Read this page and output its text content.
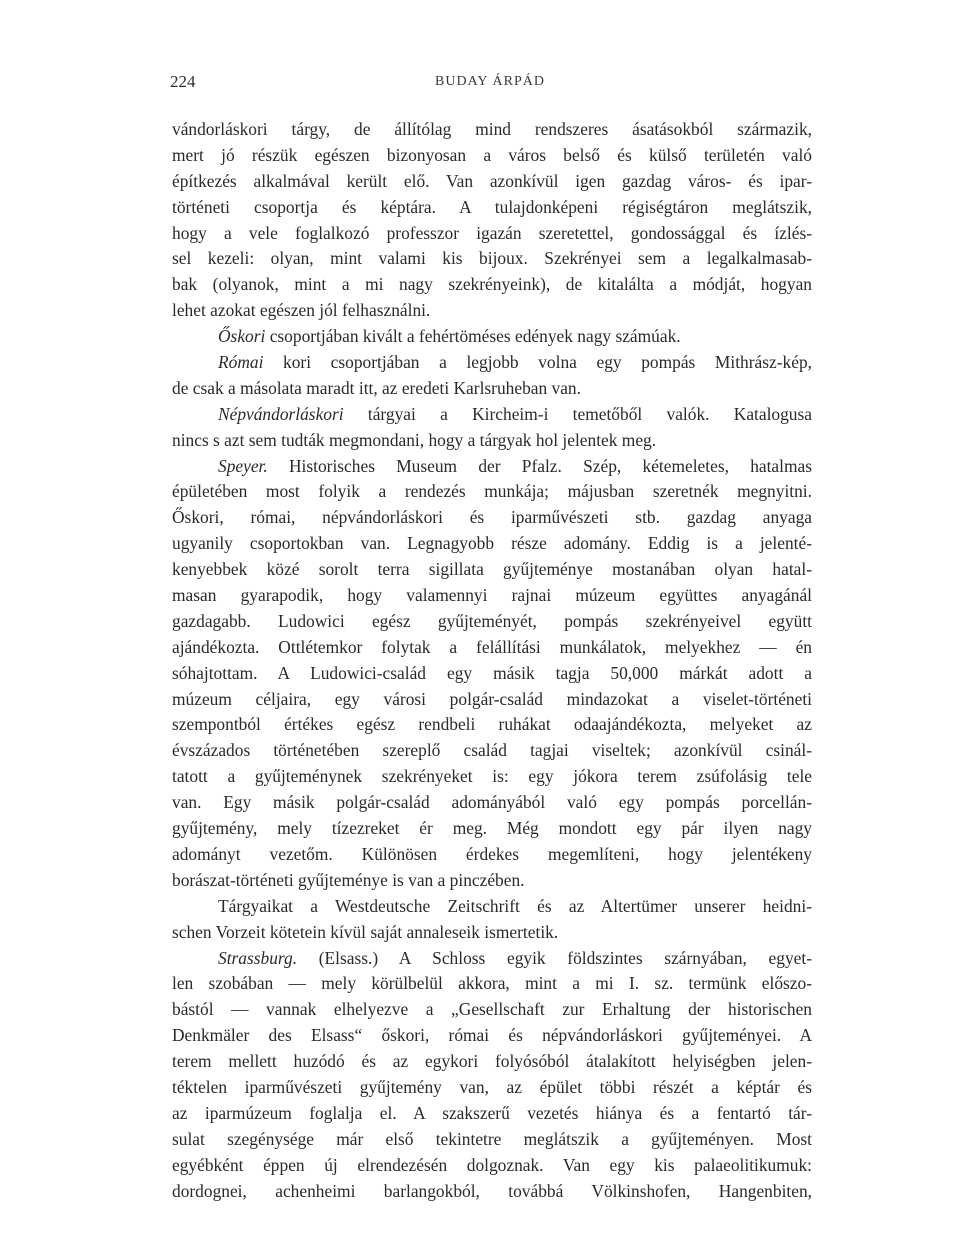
224	BUDAY ÁRPÁD
vándorláskori tárgy, de állítólag mind rendszeres ásatásokból származik,
mert jó részük egészen bizonyosan a város belső és külső területén való
építkezés alkalmával került elő. Van azonkívül igen gazdag város- és ipar-
történeti csoportja és képtára. A tulajdonképeni régiségtáron meglátszik,
hogy a vele foglalkozó professzor igazán szeretettel, gondossággal és ízlés-
sel kezeli: olyan, mint valami kis bijoux. Szekrényei sem a legalkalmasab-
bak (olyanok, mint a mi nagy szekrényeink), de kitalálta a módját, hogyan
lehet azokat egészen jól felhasználni.
Őskori csoportjában kivált a fehértöméses edények nagy számúak.
Római kori csoportjában a legjobb volna egy pompás Mithrász-kép,
de csak a másolata maradt itt, az eredeti Karlsruheban van.
Népvándorláskori tárgyai a Kircheim-i temetőből valók. Katalogusa
nincs s azt sem tudták megmondani, hogy a tárgyak hol jelentek meg.
Speyer. Historisches Museum der Pfalz. Szép, kétemeletes, hatalmas
épületében most folyik a rendezés munkája; májusban szeretnék megnyitni.
Őskori, római, népvándorláskori és iparművészeti stb. gazdag anyaga
ugyanily csoportokban van. Legnagyobb része adomány. Eddig is a jelenté-
kenyebbek közé sorolt terra sigillata gyűjteménye mostanában olyan hatal-
masan gyarapodik, hogy valamennyi rajnai múzeum együttes anyagánál
gazdagabb. Ludowici egész gyűjteményét, pompás szekrényeivel együtt
ajándékozta. Ottlétemkor folytak a felállítási munkálatok, melyekhez — én
sóhajtottam. A Ludowici-család egy másik tagja 50,000 márkát adott a
múzeum céljaira, egy városi polgár-család mindazokat a viselet-történeti
szempontból értékes egész rendbeli ruhákat odaajándékozta, melyeket az
évszázados történetében szereplő család tagjai viseltek; azonkívül csinál-
tatott a gyűjteménynek szekrényeket is: egy jókora terem zsúfolásig tele
van. Egy másik polgár-család adományából való egy pompás porcellán-
gyűjtemény, mely tízezreket ér meg. Még mondott egy pár ilyen nagy
adományt vezetőm. Különösen érdekes megemlíteni, hogy jelentékeny
borászat-történeti gyűjteménye is van a pinczében.
Tárgyaikat a Westdeutsche Zeitschrift és az Altertümer unserer heidni-
schen Vorzeit kötetein kívül saját annaleseik ismertetik.
Strassburg. (Elsass.) A Schloss egyik földszintes szárnyában, egyet-
len szobában — mely körülbelül akkora, mint a mi I. sz. termünk előszo-
bástól — vannak elhelyezve a „Gesellschaft zur Erhaltung der historischen
Denkmäler des Elsass“ őskori, római és népvándorláskori gyűjteményei. A
terem mellett huzódó és az egykori folyósóból átalakított helyiségben jelen-
téktelen iparművészeti gyűjtemény van, az épület többi részét a képtár és
az iparmúzeum foglalja el. A szakszerű vezetés hiánya és a fentartó tár-
sulat szegénysége már első tekintetre meglátszik a gyűjteményen. Most
egyébként éppen új elrendezésén dolgoznak. Van egy kis palaeolitikumuk:
dordognei, achenheimi barlangokból, továbbá Völkinshofen, Hangenbiten,
